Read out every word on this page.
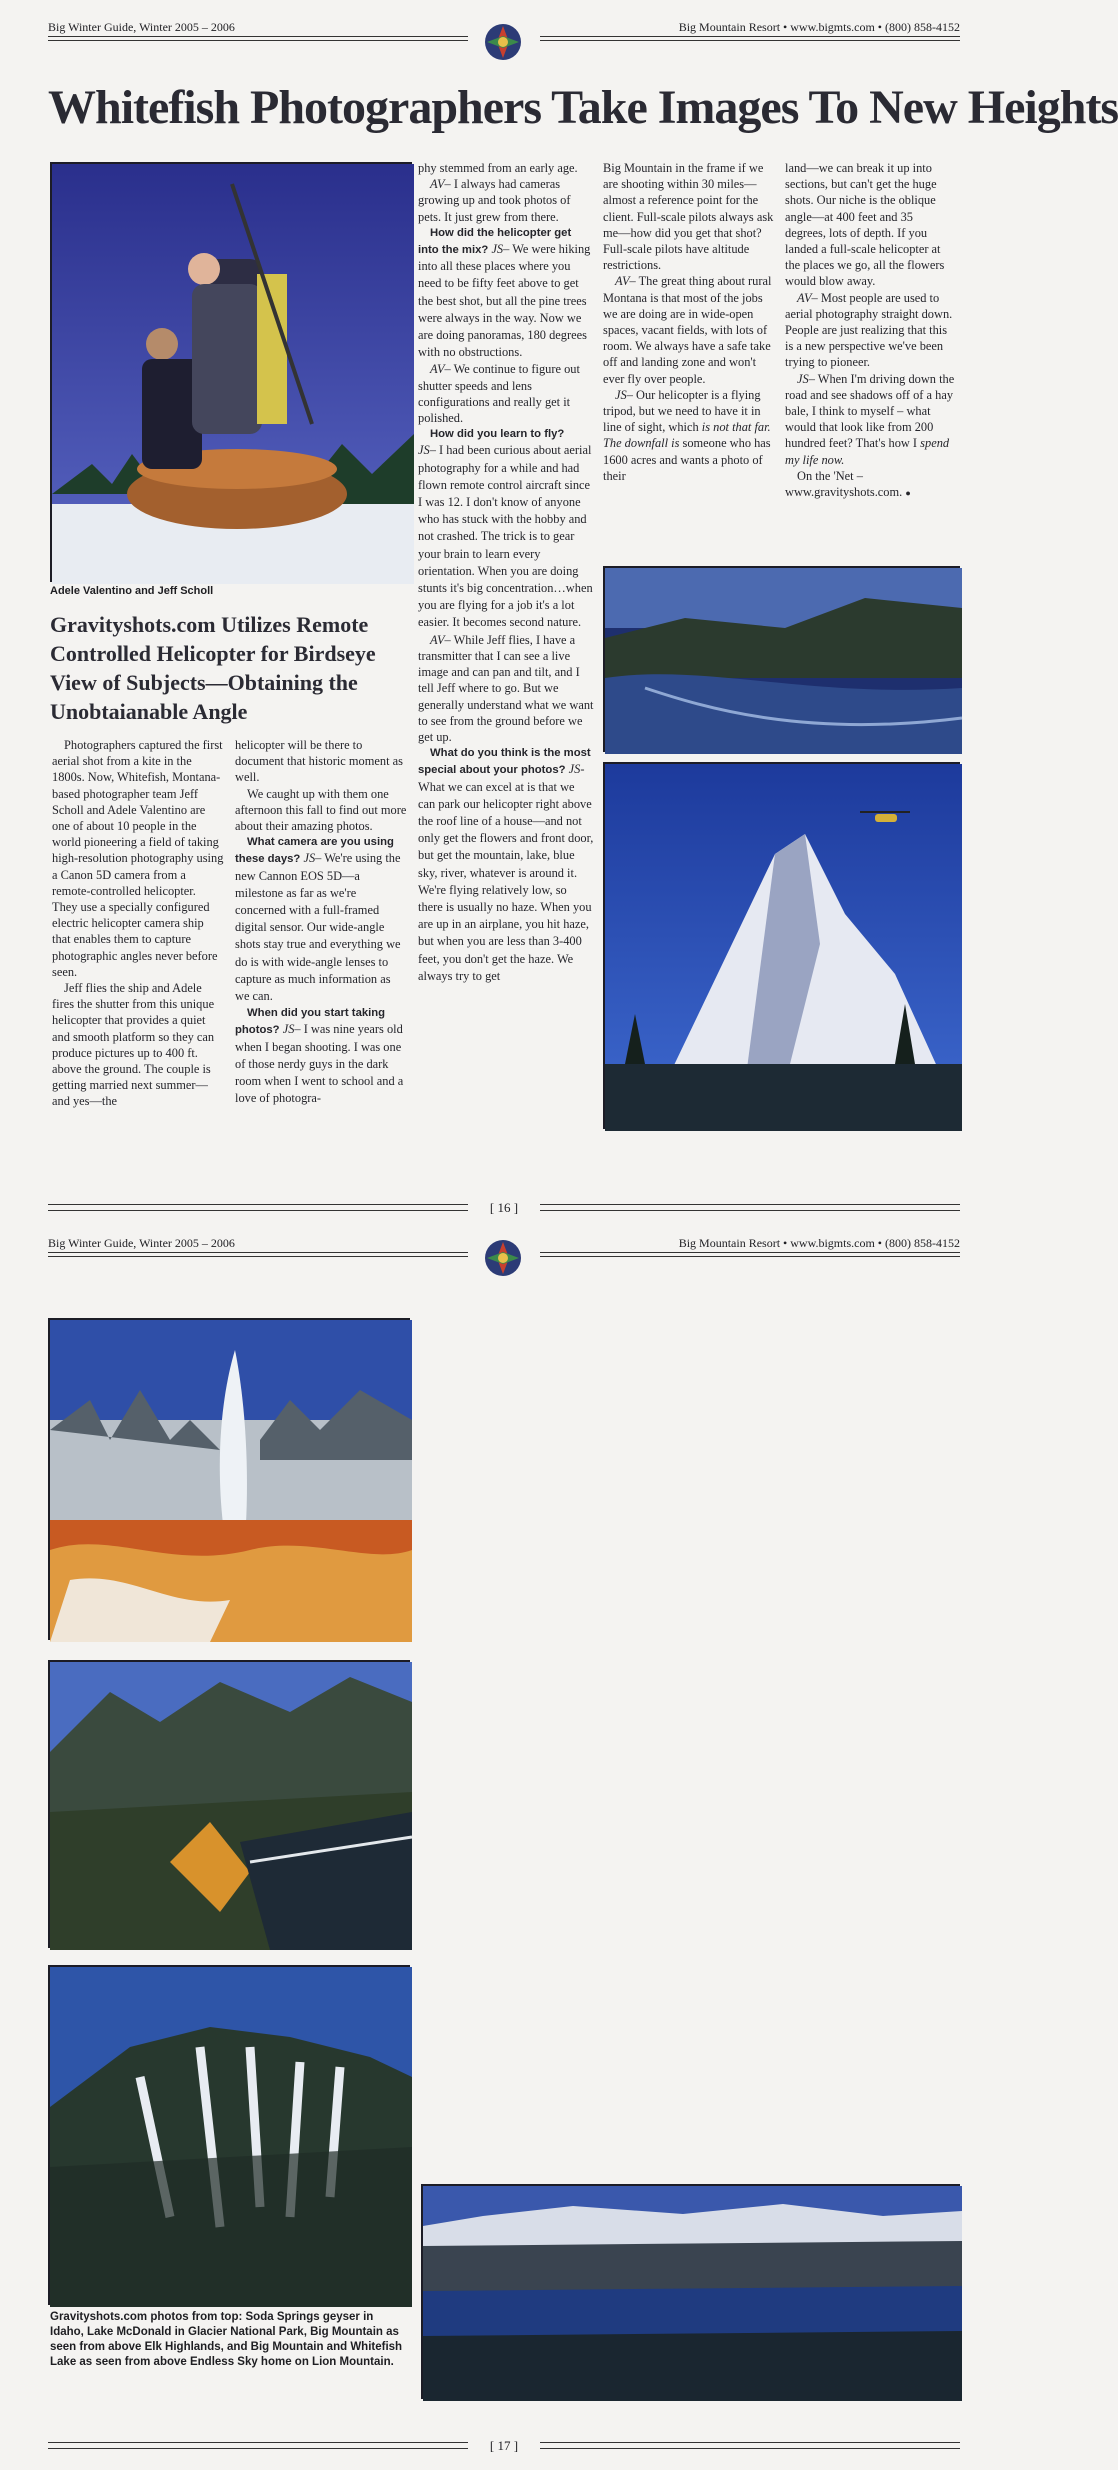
Big Winter Guide, Winter 2005 – 2006	Big Mountain Resort • www.bigmts.com • (800) 858-4152
Whitefish Photographers Take Images To New Heights
Adele Valentino and Jeff Scholl
Gravityshots.com Utilizes Remote Controlled Helicopter for Birdseye View of Subjects—Obtaining the Unobtaianable Angle

Photographers captured the first aerial shot from a kite in the 1800s. Now, Whitefish, Montana-based photographer team Jeff Scholl and Adele Valentino are one of about 10 people in the world pioneering a field of taking high-resolution photography using a Canon 5D camera from a remote-controlled helicopter. They use a specially configured electric helicopter camera ship that enables them to capture photographic angles never before seen.

Jeff flies the ship and Adele fires the shutter from this unique helicopter that provides a quiet and smooth platform so they can produce pictures up to 400 ft. above the ground. The couple is getting married next summer—and yes—the

helicopter will be there to document that historic moment as well.

We caught up with them one afternoon this fall to find out more about their amazing photos.

What camera are you using these days? JS– We're using the new Cannon EOS 5D—a milestone as far as we're concerned with a full-framed digital sensor. Our wide-angle shots stay true and everything we do is with wide-angle lenses to capture as much information as we can.

When did you start taking photos? JS– I was nine years old when I began shooting. I was one of those nerdy guys in the dark room when I went to school and a love of photogra-

phy stemmed from an early age.

AV– I always had cameras growing up and took photos of pets. It just grew from there.

How did the helicopter get into the mix? JS– We were hiking into all these places where you need to be fifty feet above to get the best shot, but all the pine trees were always in the way. Now we are doing panoramas, 180 degrees with no obstructions.

AV– We continue to figure out shutter speeds and lens configurations and really get it polished.

How did you learn to fly?
JS– I had been curious about aerial photography for a while and had flown remote control aircraft since I was 12. I don't know of anyone who has stuck with the hobby and not crashed. The trick is to gear your brain to learn every orientation. When you are doing stunts it's big concentration…when you are flying for a job it's a lot easier. It becomes second nature.

AV– While Jeff flies, I have a transmitter that I can see a live image and can pan and tilt, and I tell Jeff where to go. But we generally understand what we want to see from the ground before we get up.

What do you think is the most special about your photos? JS- What we can excel at is that we can park our helicopter right above the roof line of a house—and not only get the flowers and front door, but get the mountain, lake, blue sky, river, whatever is around it. We're flying relatively low, so there is usually no haze. When you are up in an airplane, you hit haze, but when you are less than 3-400 feet, you don't get the haze. We always try to get

Big Mountain in the frame if we are shooting within 30 miles—almost a reference point for the client. Full-scale pilots always ask me—how did you get that shot? Full-scale pilots have altitude restrictions.

AV– The great thing about rural Montana is that most of the jobs we are doing are in wide-open spaces, vacant fields, with lots of room. We always have a safe take off and landing zone and won't ever fly over people.

JS– Our helicopter is a flying tripod, but we need to have it in line of sight, which is not that far. The downfall is someone who has 1600 acres and wants a photo of their

land—we can break it up into sections, but can't get the huge shots. Our niche is the oblique angle—at 400 feet and 35 degrees, lots of depth. If you landed a full-scale helicopter at the places we go, all the flowers would blow away.

AV– Most people are used to aerial photography straight down. People are just realizing that this is a new perspective we've been trying to pioneer.

JS– When I'm driving down the road and see shadows off of a hay bale, I think to myself – what would that look like from 200 hundred feet? That's how I spend my life now.

On the 'Net – www.gravityshots.com. ●

[ 16 ]
Big Winter Guide, Winter 2005 – 2006	Big Mountain Resort • www.bigmts.com • (800) 858-4152
Gravityshots.com photos from top: Soda Springs geyser in Idaho, Lake McDonald in Glacier National Park, Big Mountain as seen from above Elk Highlands, and Big Mountain and Whitefish Lake as seen from above Endless Sky home on Lion Mountain.
[ 17 ]
